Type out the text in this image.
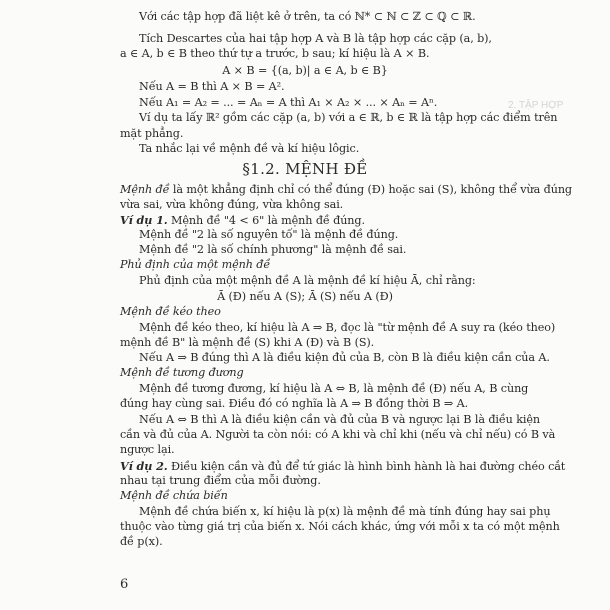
2. TẬP HỢP
Với các tập hợp đã liệt kê ở trên, ta có ℕ* ⊂ ℕ ⊂ ℤ ⊂ ℚ ⊂ ℝ.
Tích Descartes của hai tập hợp A và B là tập hợp các cặp (a, b),
a ∈ A, b ∈ B theo thứ tự a trước, b sau; kí hiệu là A × B.
A × B = {(a, b)| a ∈ A, b ∈ B}
Nếu A = B thì A × B = A².
Nếu A₁ = A₂ = ... = Aₙ = A thì A₁ × A₂ × ... × Aₙ = Aⁿ.
Ví dụ ta lấy ℝ² gồm các cặp (a, b) với a ∈ ℝ, b ∈ ℝ là tập hợp các điểm trên
mặt phẳng.
Ta nhắc lại về mệnh đề và kí hiệu lôgic.
§1.2. MỆNH ĐỀ
Mệnh đề là một khẳng định chỉ có thể đúng (Đ) hoặc sai (S), không thể vừa đúng
vừa sai, vừa không đúng, vừa không sai.
Ví dụ 1. Mệnh đề "4 < 6" là mệnh đề đúng.
Mệnh đề "2 là số nguyên tố" là mệnh đề đúng.
Mệnh đề "2 là số chính phương" là mệnh đề sai.
Phủ định của một mệnh đề
Phủ định của một mệnh đề A là mệnh đề kí hiệu Ā, chỉ rằng:
Ā (Đ) nếu A (S); Ā (S) nếu A (Đ)
Mệnh đề kéo theo
Mệnh đề kéo theo, kí hiệu là A ⇒ B, đọc là "từ mệnh đề A suy ra (kéo theo)
mệnh đề B" là mệnh đề (S) khi A (Đ) và B (S).
Nếu A ⇒ B đúng thì A là điều kiện đủ của B, còn B là điều kiện cần của A.
Mệnh đề tương đương
Mệnh đề tương đương, kí hiệu là A ⇔ B, là mệnh đề (Đ) nếu A, B cùng
đúng hay cùng sai. Điều đó có nghĩa là A ⇒ B đồng thời B ⇒ A.
Nếu A ⇔ B thì A là điều kiện cần và đủ của B và ngược lại B là điều kiện
cần và đủ của A. Người ta còn nói: có A khi và chỉ khi (nếu và chỉ nếu) có B và
ngược lại.
Ví dụ 2. Điều kiện cần và đủ để tứ giác là hình bình hành là hai đường chéo cắt
nhau tại trung điểm của mỗi đường.
Mệnh đề chứa biến
Mệnh đề chứa biến x, kí hiệu là p(x) là mệnh đề mà tính đúng hay sai phụ
thuộc vào từng giá trị của biến x. Nói cách khác, ứng với mỗi x ta có một mệnh
đề p(x).
6
